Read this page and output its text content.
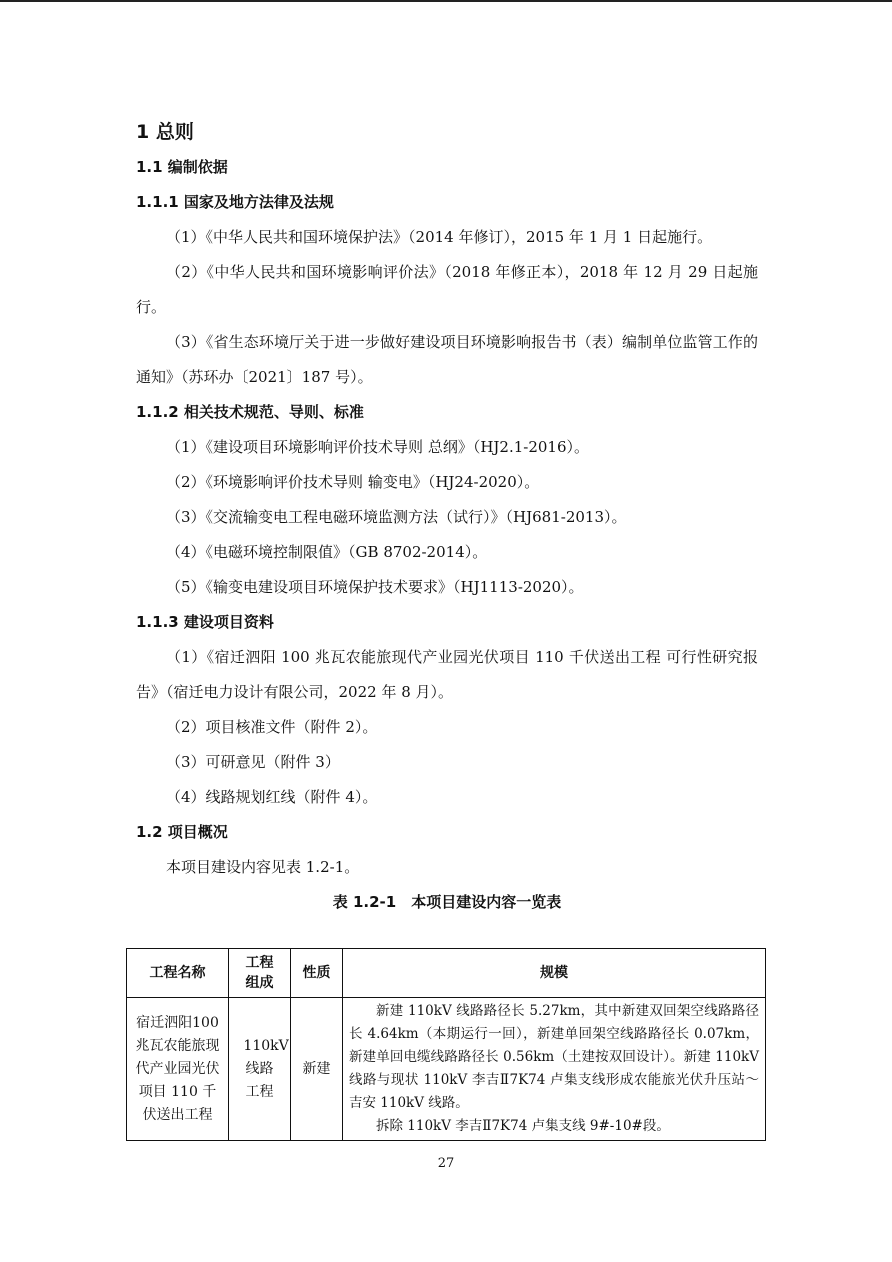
1 总则
1.1 编制依据
1.1.1 国家及地方法律及法规

（1）《中华人民共和国环境保护法》（2014 年修订），2015 年 1 月 1 日起施行。

（2）《中华人民共和国环境影响评价法》（2018 年修正本），2018 年 12 月 29 日起施行。

（3）《省生态环境厅关于进一步做好建设项目环境影响报告书（表）编制单位监管工作的通知》（苏环办〔2021〕187 号）。

1.1.2 相关技术规范、导则、标准

（1）《建设项目环境影响评价技术导则 总纲》（HJ2.1-2016）。

（2）《环境影响评价技术导则 输变电》（HJ24-2020）。

（3）《交流输变电工程电磁环境监测方法（试行）》（HJ681-2013）。

（4）《电磁环境控制限值》（GB 8702-2014）。

（5）《输变电建设项目环境保护技术要求》（HJ1113-2020）。

1.1.3 建设项目资料

（1）《宿迁泗阳 100 兆瓦农能旅现代产业园光伏项目 110 千伏送出工程 可行性研究报告》（宿迁电力设计有限公司，2022 年 8 月）。

（2）项目核准文件（附件 2）。

（3）可研意见（附件 3）

（4）线路规划红线（附件 4）。

1.2 项目概况

本项目建设内容见表 1.2-1。

表 1.2-1　本项目建设内容一览表
工程名称	工程组成	性质	规模

宿迁泗阳100 兆瓦农能旅现代产业园光伏项目 110 千伏送出工程	110kV线路工程	新建	新建 110kV 线路路径长 5.27km，其中新建双回架空线路路径长 4.64km（本期运行一回），新建单回架空线路路径长 0.07km，新建单回电缆线路路径长 0.56km（土建按双回设计）。新建 110kV 线路与现状 110kV 李吉Ⅱ7K74 卢集支线形成农能旅光伏升压站～吉安 110kV 线路。

拆除 110kV 李吉Ⅱ7K74 卢集支线 9#-10#段。

27
